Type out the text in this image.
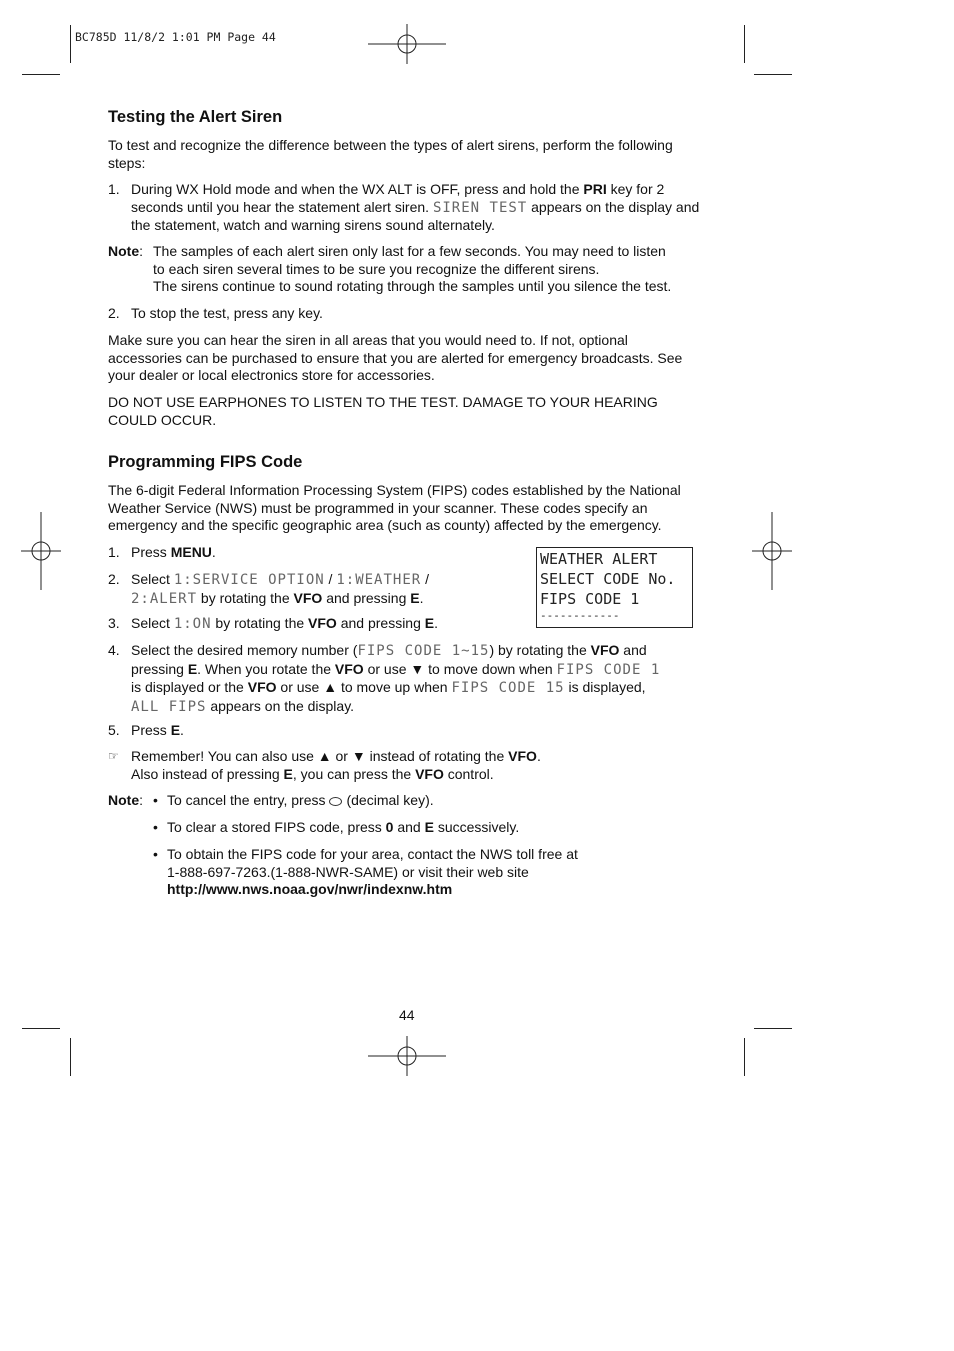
BC785D 11/8/2 1:01 PM Page 44
Testing the Alert Siren

To test and recognize the difference between the types of alert sirens, perform the following steps:

1. During WX Hold mode and when the WX ALT is OFF, press and hold the PRI key for 2 seconds until you hear the statement alert siren. SIREN TEST appears on the display and the statement, watch and warning sirens sound alternately.
Note: The samples of each alert siren only last for a few seconds. You may need to listen
to each siren several times to be sure you recognize the different sirens.
The sirens continue to sound rotating through the samples until you silence the test.
2. To stop the test, press any key.

Make sure you can hear the siren in all areas that you would need to. If not, optional accessories can be purchased to ensure that you are alerted for emergency broadcasts. See your dealer or local electronics store for accessories.

DO NOT USE EARPHONES TO LISTEN TO THE TEST. DAMAGE TO YOUR HEARING COULD OCCUR.

Programming FIPS Code

The 6-digit Federal Information Processing System (FIPS) codes established by the National Weather Service (NWS) must be programmed in your scanner. These codes specify an emergency and the specific geographic area (such as county) affected by the emergency.

WEATHER ALERT
SELECT CODE No.
FIPS CODE 1
------------
1. Press MENU.
2. Select 1:SERVICE OPTION / 1:WEATHER /
2:ALERT by rotating the VFO and pressing E.
3. Select 1:ON by rotating the VFO and pressing E.
4. Select the desired memory number (FIPS CODE 1~15) by rotating the VFO and
pressing E. When you rotate the VFO or use ▼ to move down when FIPS CODE 1
is displayed or the VFO or use ▲ to move up when FIPS CODE 15 is displayed,
ALL FIPS appears on the display.
5. Press E.
☞ Remember! You can also use ▲ or ▼ instead of rotating the VFO.
Also instead of pressing E, you can press the VFO control.
Note: • To cancel the entry, press (decimal key).
• To clear a stored FIPS code, press 0 and E successively.
• To obtain the FIPS code for your area, contact the NWS toll free at
1-888-697-7263.(1-888-NWR-SAME) or visit their web site
http://www.nws.noaa.gov/nwr/indexnw.htm
44
